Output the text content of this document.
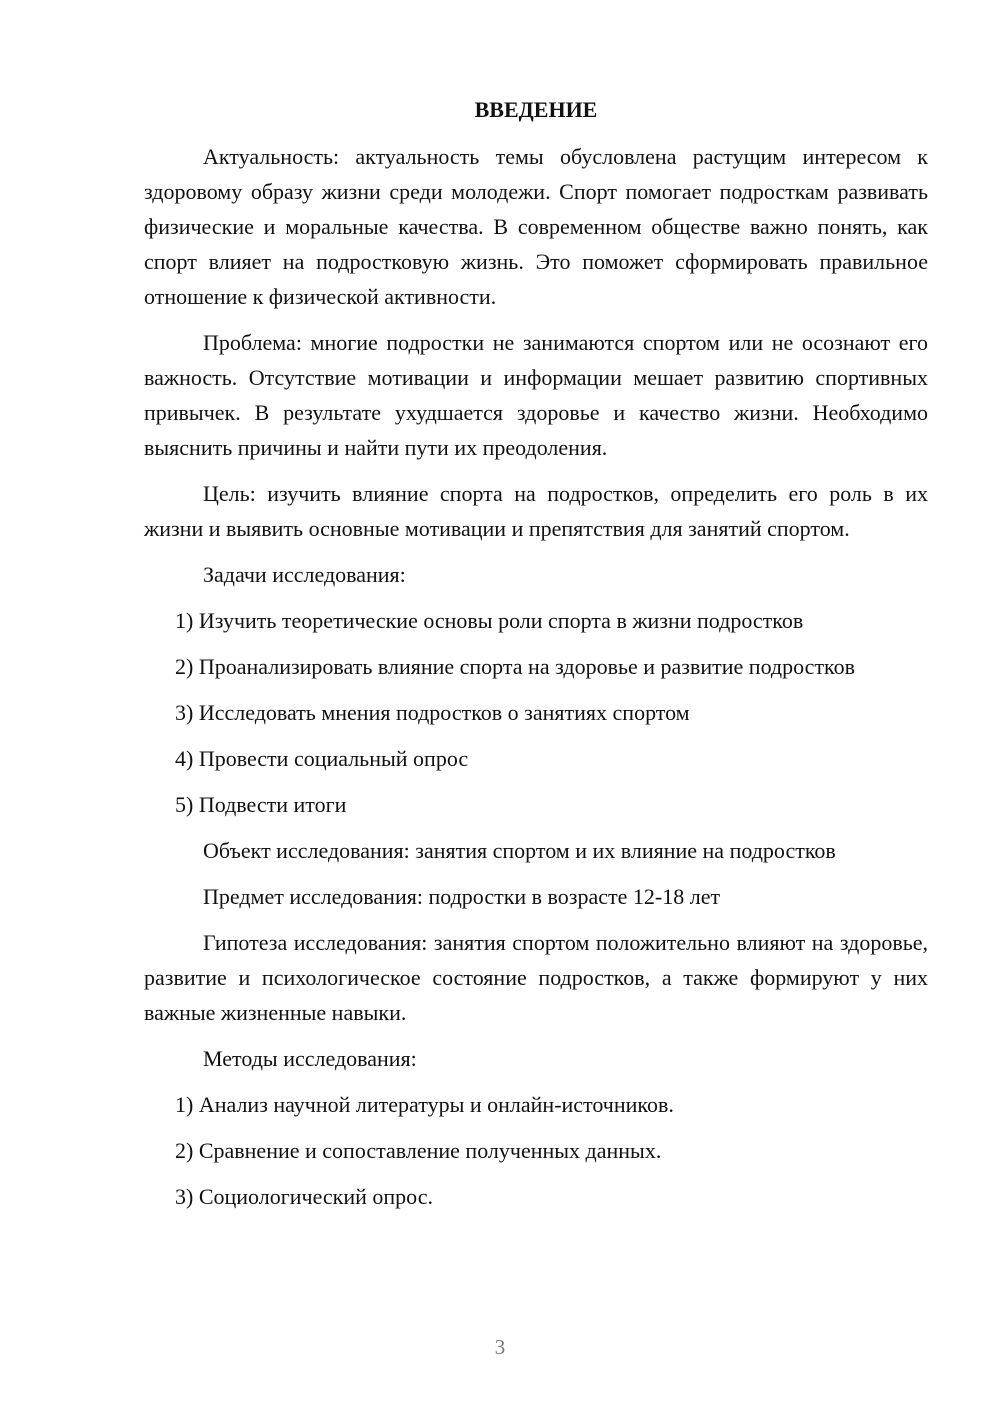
ВВЕДЕНИЕ

Актуальность: актуальность темы обусловлена растущим интересом к здоровому образу жизни среди молодежи. Спорт помогает подросткам развивать физические и моральные качества. В современном обществе важно понять, как спорт влияет на подростковую жизнь. Это поможет сформировать правильное отношение к физической активности.

Проблема: многие подростки не занимаются спортом или не осознают его важность. Отсутствие мотивации и информации мешает развитию спортивных привычек. В результате ухудшается здоровье и качество жизни. Необходимо выяснить причины и найти пути их преодоления.

Цель: изучить влияние спорта на подростков, определить его роль в их жизни и выявить основные мотивации и препятствия для занятий спортом.

Задачи исследования:

1) Изучить теоретические основы роли спорта в жизни подростков

2) Проанализировать влияние спорта на здоровье и развитие подростков

3) Исследовать мнения подростков о занятиях спортом

4) Провести социальный опрос

5) Подвести итоги

Объект исследования: занятия спортом и их влияние на подростков

Предмет исследования: подростки в возрасте 12-18 лет

Гипотеза исследования: занятия спортом положительно влияют на здоровье, развитие и психологическое состояние подростков, а также формируют у них важные жизненные навыки.

Методы исследования:

1) Анализ научной литературы и онлайн-источников.

2) Сравнение и сопоставление полученных данных.

3) Социологический опрос.

3
